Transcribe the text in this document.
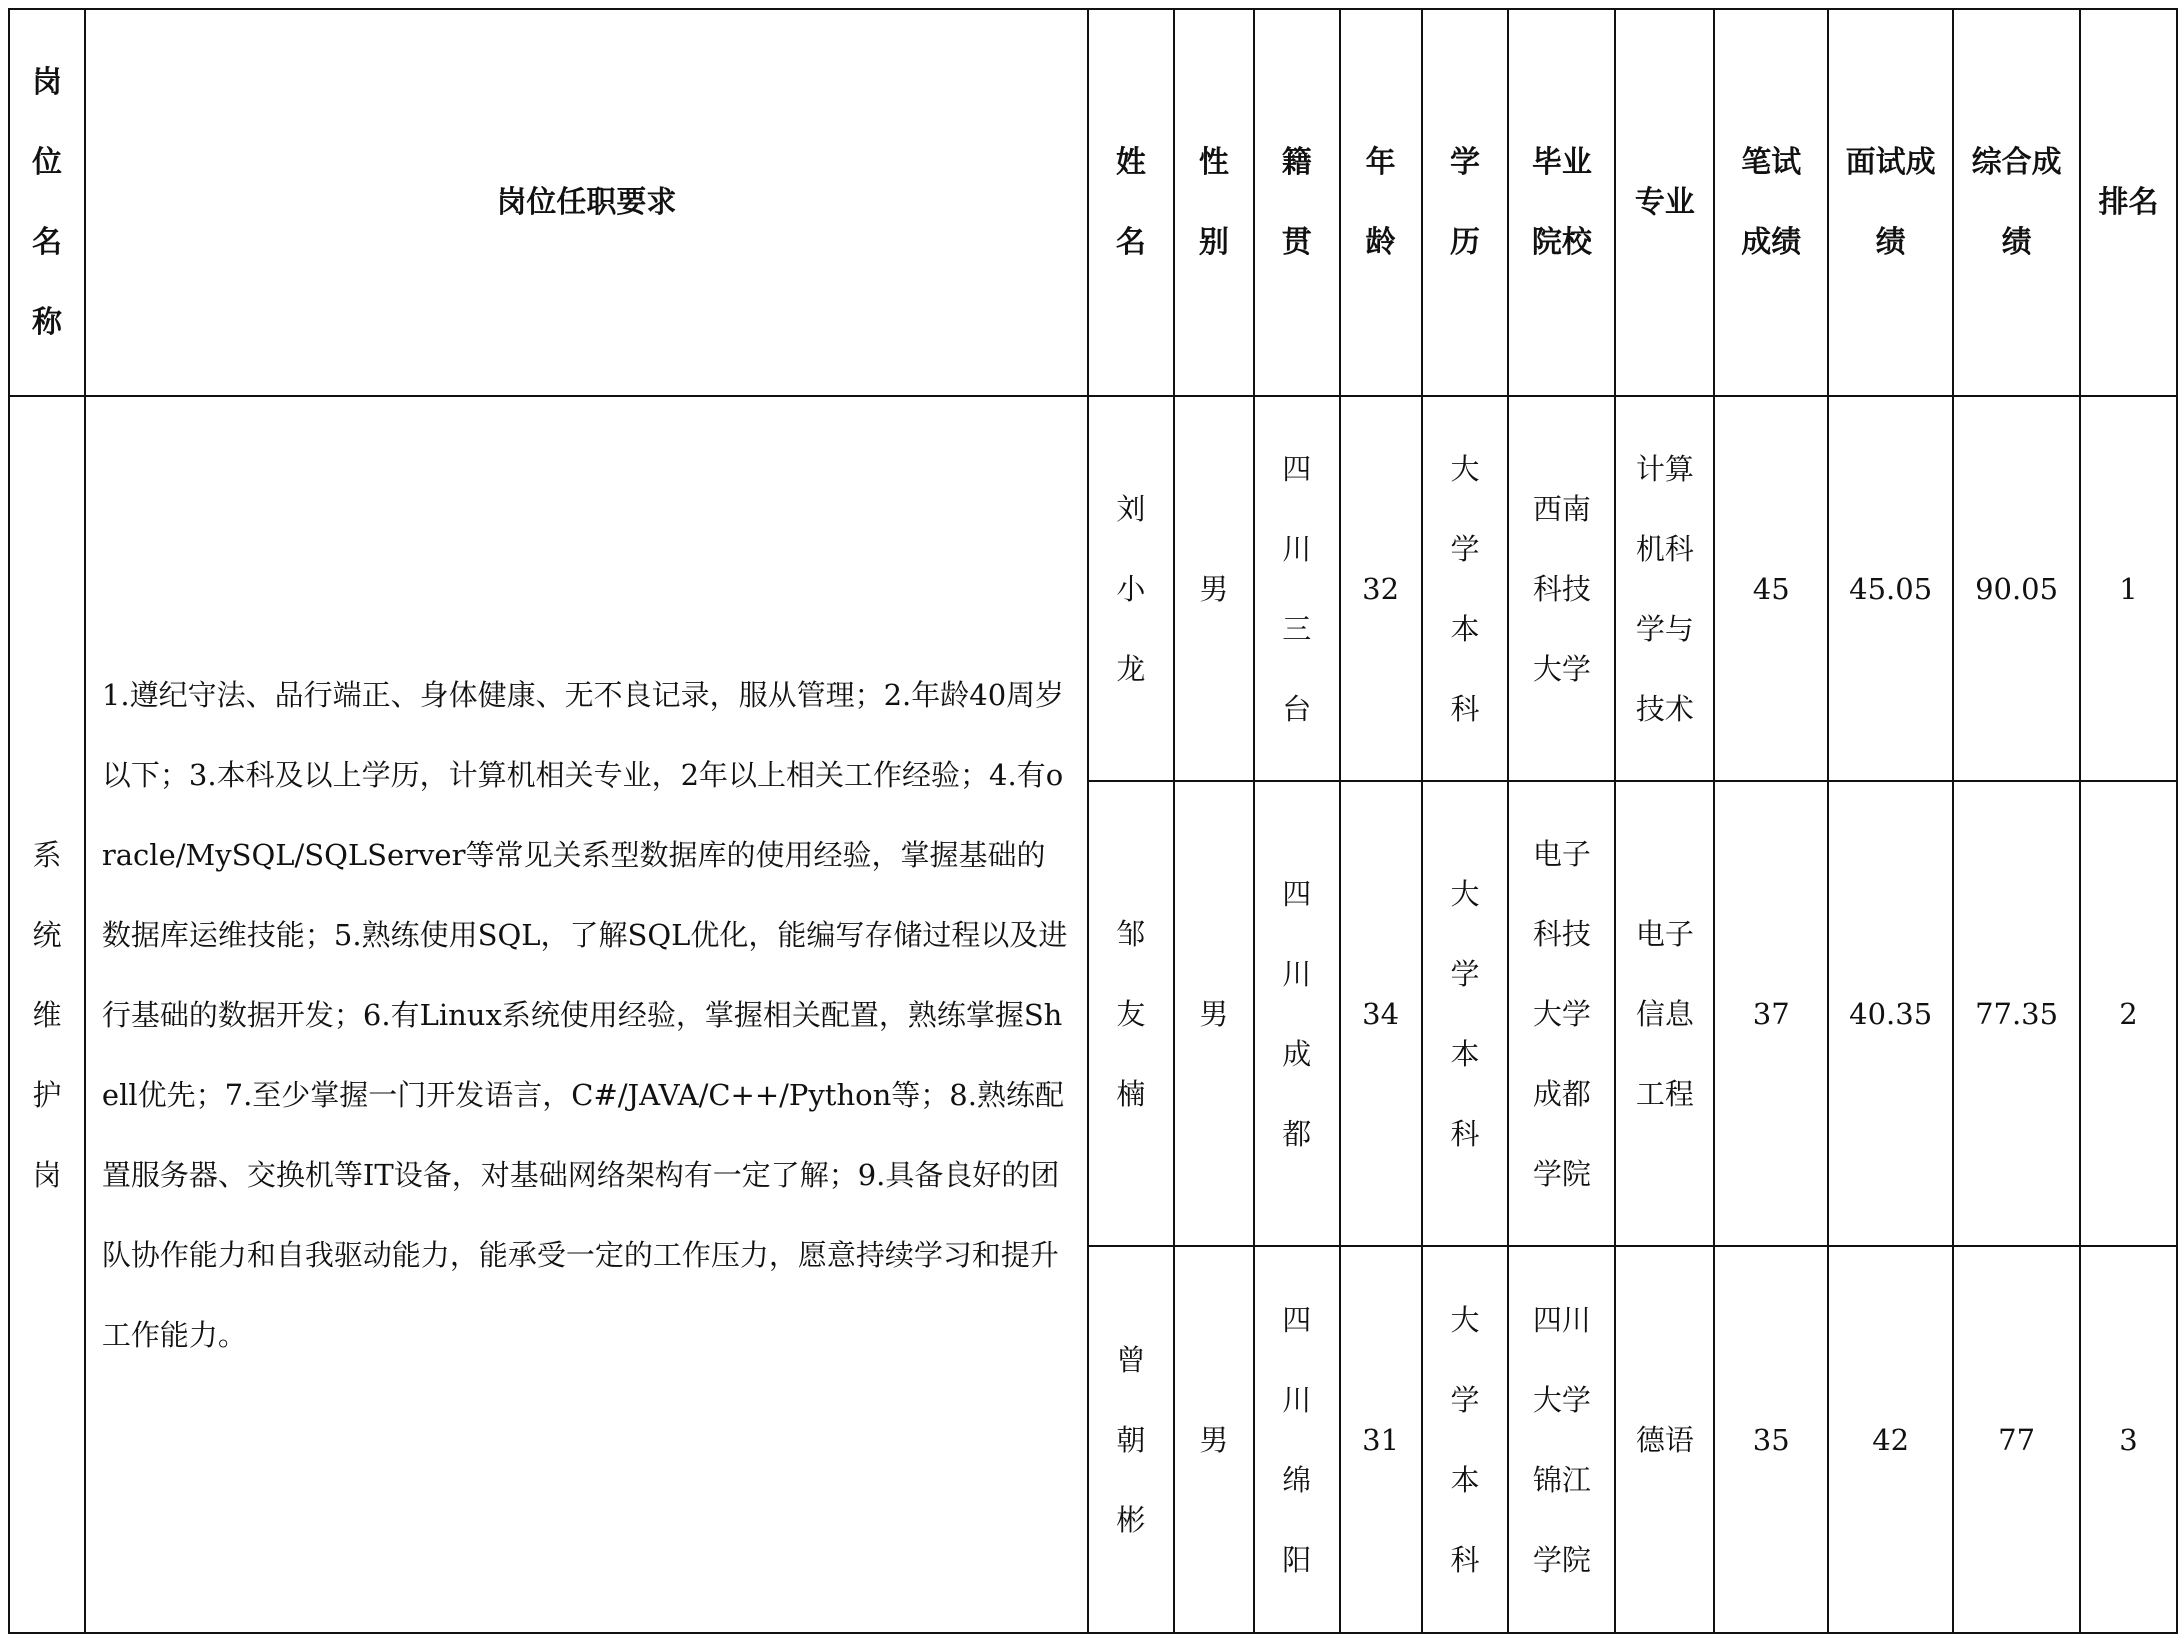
岗位名称	岗位任职要求	姓名	性别	籍贯	年龄	学历	毕业院校	专业	笔试成绩	面试成绩	综合成绩	排名
系统维护岗	1.遵纪守法、品行端正、身体健康、无不良记录，服从管理；2.年龄40周岁以下；3.本科及以上学历，计算机相关专业，2年以上相关工作经验；4.有oracle/MySQL/SQLServer等常见关系型数据库的使用经验，掌握基础的数据库运维技能；5.熟练使用SQL，了解SQL优化，能编写存储过程以及进行基础的数据开发；6.有Linux系统使用经验，掌握相关配置，熟练掌握Shell优先；7.至少掌握一门开发语言，C#/JAVA/C++/Python等；8.熟练配置服务器、交换机等IT设备，对基础网络架构有一定了解；9.具备良好的团队协作能力和自我驱动能力，能承受一定的工作压力，愿意持续学习和提升工作能力。	刘小龙	男	四川三台	32	大学本科	西南科技大学	计算机科学与技术	45	45.05	90.05	1
		邹友楠	男	四川成都	34	大学本科	电子科技大学成都学院	电子信息工程	37	40.35	77.35	2
		曾朝彬	男	四川绵阳	31	大学本科	四川大学锦江学院	德语	35	42	77	3
